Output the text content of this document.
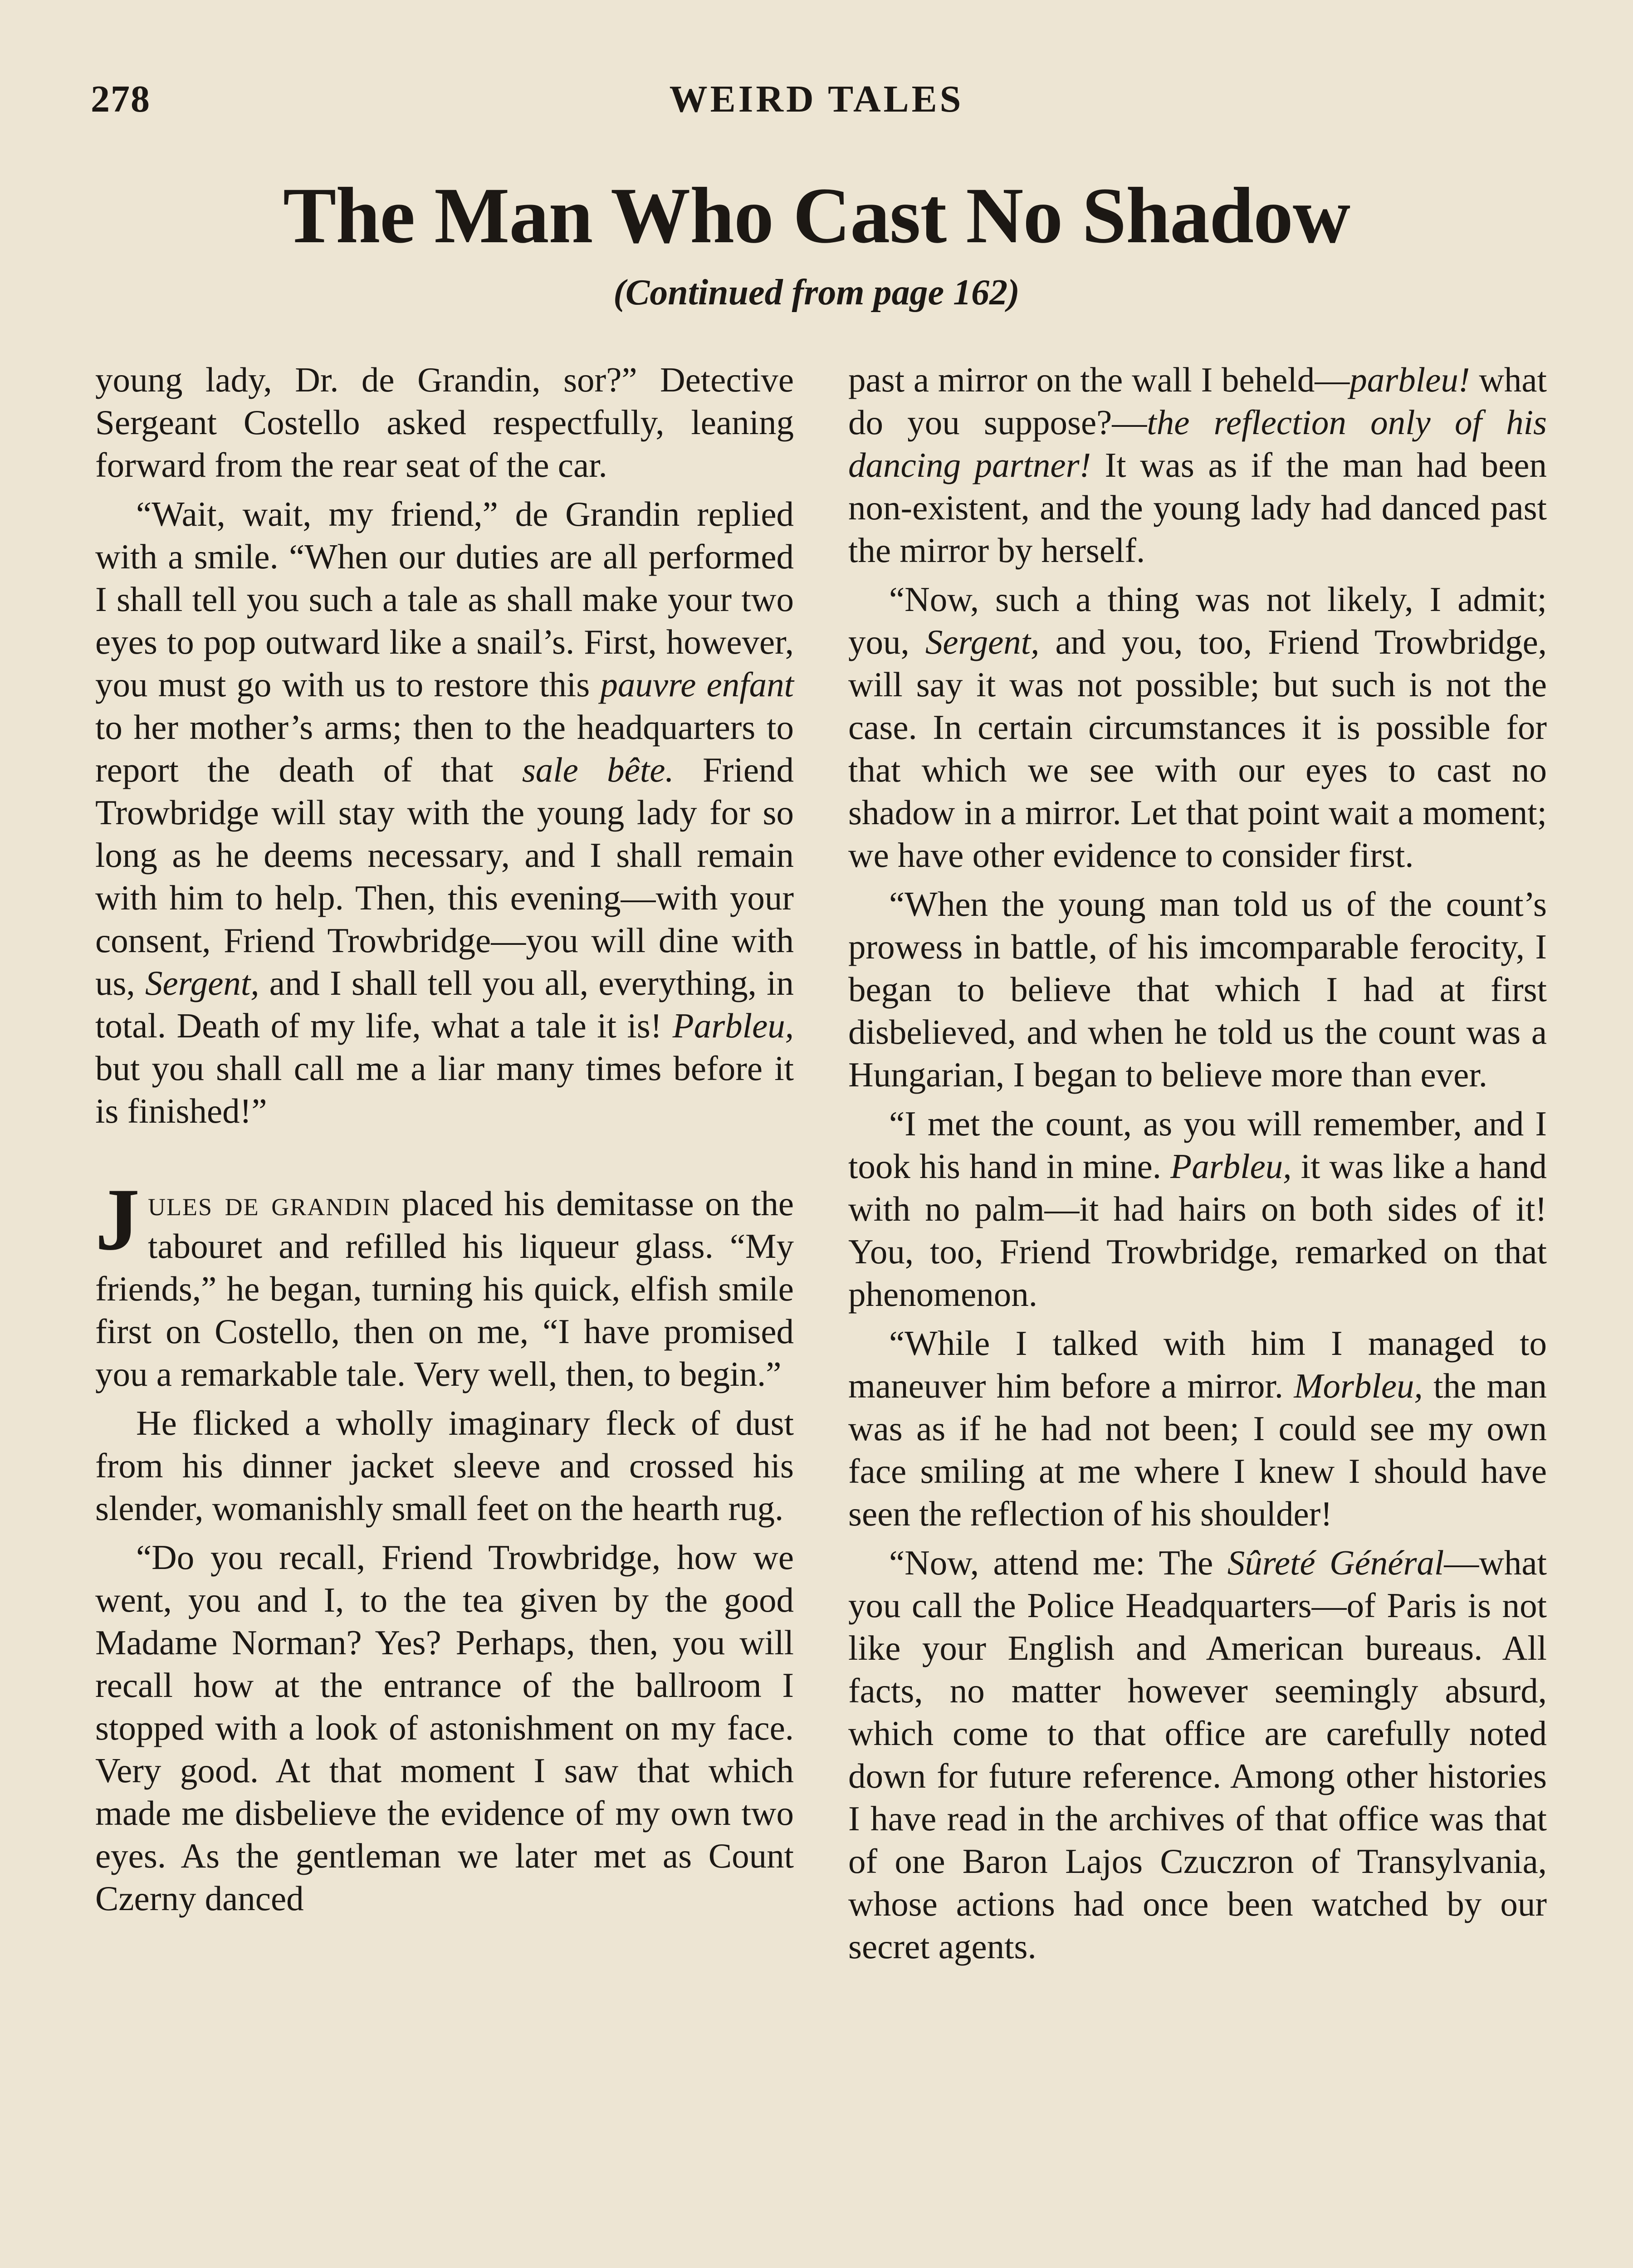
278	WEIRD TALES
The Man Who Cast No Shadow
(Continued from page 162)

young lady, Dr. de Grandin, sor?” Detective Sergeant Costello asked respectfully, leaning forward from the rear seat of the car.

“Wait, wait, my friend,” de Grandin replied with a smile. “When our duties are all performed I shall tell you such a tale as shall make your two eyes to pop outward like a snail’s. First, however, you must go with us to restore this pauvre enfant to her mother’s arms; then to the headquarters to report the death of that sale bête. Friend Trowbridge will stay with the young lady for so long as he deems necessary, and I shall remain with him to help. Then, this evening—with your consent, Friend Trowbridge—you will dine with us, Sergent, and I shall tell you all, everything, in total. Death of my life, what a tale it is! Parbleu, but you shall call me a liar many times before it is finished!”

Jules de grandin placed his demitasse on the tabouret and refilled his liqueur glass. “My friends,” he began, turning his quick, elfish smile first on Costello, then on me, “I have promised you a remarkable tale. Very well, then, to begin.”

He flicked a wholly imaginary fleck of dust from his dinner jacket sleeve and crossed his slender, womanishly small feet on the hearth rug.

“Do you recall, Friend Trowbridge, how we went, you and I, to the tea given by the good Madame Norman? Yes? Perhaps, then, you will recall how at the entrance of the ballroom I stopped with a look of astonishment on my face. Very good. At that moment I saw that which made me disbelieve the evidence of my own two eyes. As the gentleman we later met as Count Czerny danced

past a mirror on the wall I beheld—parbleu! what do you suppose?—the reflection only of his dancing partner! It was as if the man had been non-existent, and the young lady had danced past the mirror by herself.

“Now, such a thing was not likely, I admit; you, Sergent, and you, too, Friend Trowbridge, will say it was not possible; but such is not the case. In certain circumstances it is possible for that which we see with our eyes to cast no shadow in a mirror. Let that point wait a moment; we have other evidence to consider first.

“When the young man told us of the count’s prowess in battle, of his imcomparable ferocity, I began to believe that which I had at first disbelieved, and when he told us the count was a Hungarian, I began to believe more than ever.

“I met the count, as you will remember, and I took his hand in mine. Parbleu, it was like a hand with no palm—it had hairs on both sides of it! You, too, Friend Trowbridge, remarked on that phenomenon.

“While I talked with him I managed to maneuver him before a mirror. Morbleu, the man was as if he had not been; I could see my own face smiling at me where I knew I should have seen the reflection of his shoulder!

“Now, attend me: The Sûreté Général—what you call the Police Headquarters—of Paris is not like your English and American bureaus. All facts, no matter however seemingly absurd, which come to that office are carefully noted down for future reference. Among other histories I have read in the archives of that office was that of one Baron Lajos Czuczron of Transylvania, whose actions had once been watched by our secret agents.
